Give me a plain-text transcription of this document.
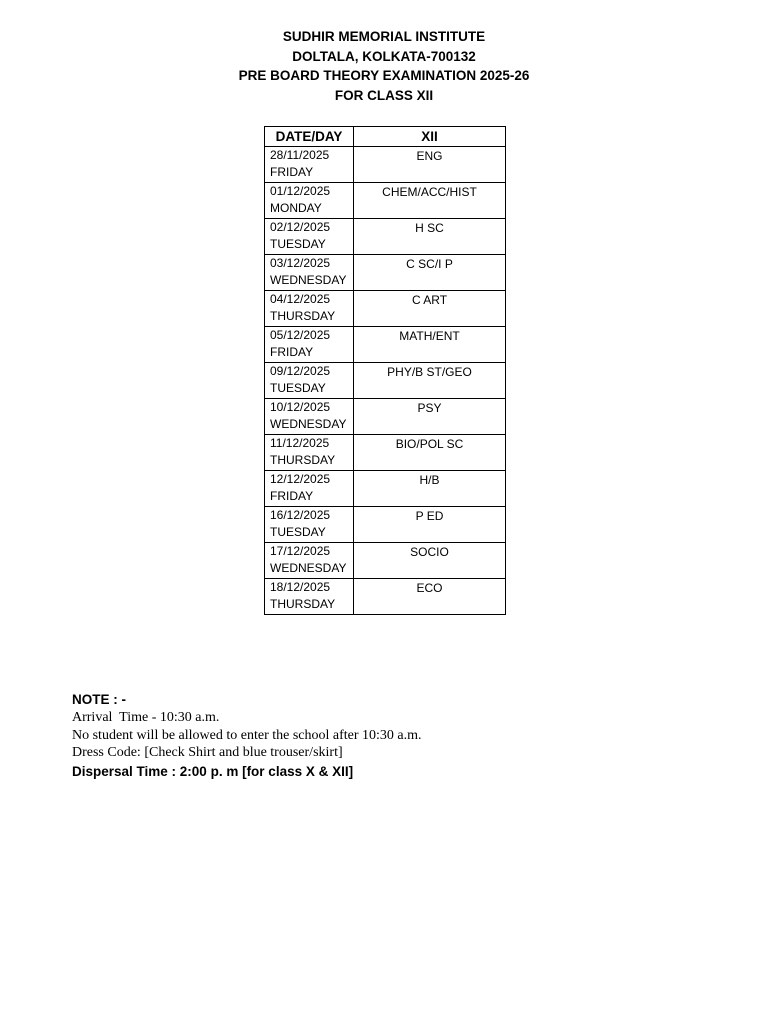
SUDHIR MEMORIAL INSTITUTE
DOLTALA, KOLKATA-700132
PRE BOARD THEORY EXAMINATION 2025-26
FOR CLASS XII
DATE/DAY	XII

28/11/2025
FRIDAY	ENG

01/12/2025
MONDAY	CHEM/ACC/HIST

02/12/2025
TUESDAY	H SC

03/12/2025
WEDNESDAY	C SC/I P

04/12/2025
THURSDAY	C ART

05/12/2025
FRIDAY	MATH/ENT

09/12/2025
TUESDAY	PHY/B ST/GEO

10/12/2025
WEDNESDAY	PSY

11/12/2025
THURSDAY	BIO/POL SC

12/12/2025
FRIDAY	H/B

16/12/2025
TUESDAY	P ED

17/12/2025
WEDNESDAY	SOCIO

18/12/2025
THURSDAY	ECO
NOTE : -
Arrival  Time - 10:30 a.m.
No student will be allowed to enter the school after 10:30 a.m.
Dress Code: [Check Shirt and blue trouser/skirt]
Dispersal Time : 2:00 p. m [for class X & XII]
